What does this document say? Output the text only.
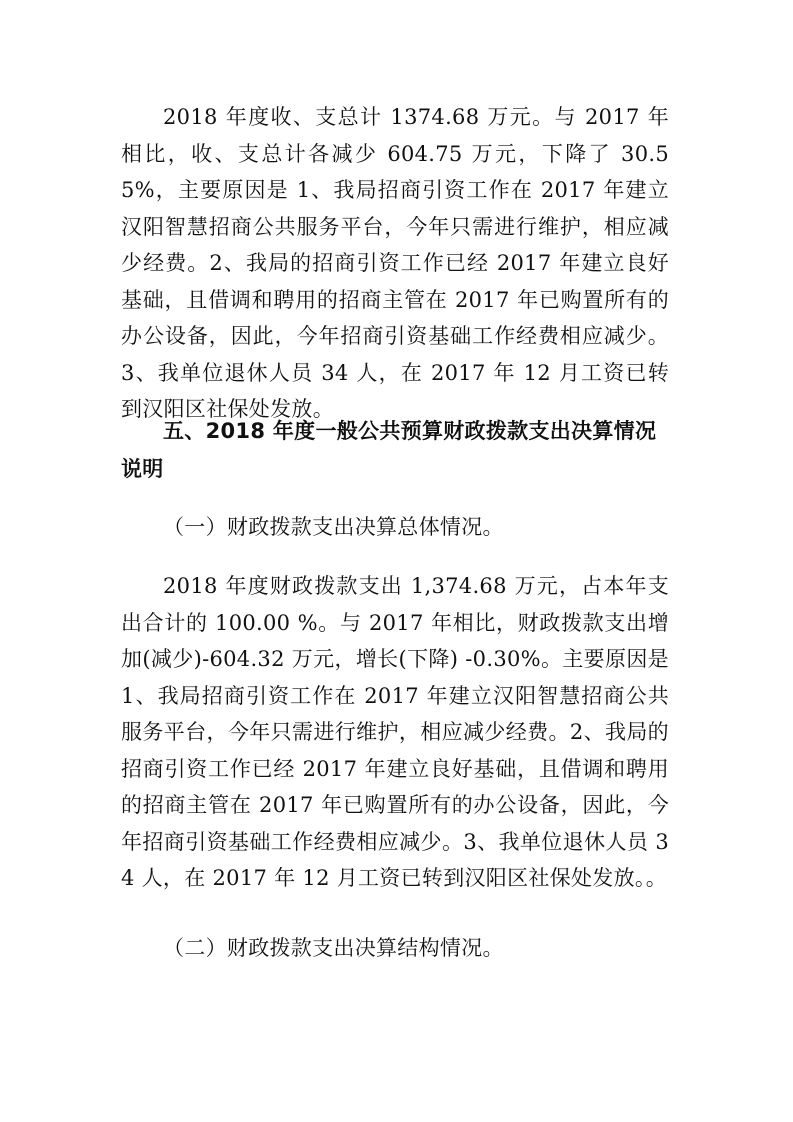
2018 年度收、支总计 1374.68 万元。与 2017 年相比，收、支总计各减少 604.75 万元，下降了 30.55%，主要原因是 1、我局招商引资工作在 2017 年建立汉阳智慧招商公共服务平台，今年只需进行维护，相应减少经费。2、我局的招商引资工作已经 2017 年建立良好基础，且借调和聘用的招商主管在 2017 年已购置所有的办公设备，因此，今年招商引资基础工作经费相应减少。3、我单位退休人员 34 人，在 2017 年 12 月工资已转到汉阳区社保处发放。

五、2018 年度一般公共预算财政拨款支出决算情况说明

（一）财政拨款支出决算总体情况。

2018 年度财政拨款支出 1,374.68 万元，占本年支出合计的 100.00 %。与 2017 年相比，财政拨款支出增加(减少)-604.32 万元，增长(下降) -0.30%。主要原因是 1、我局招商引资工作在 2017 年建立汉阳智慧招商公共服务平台，今年只需进行维护，相应减少经费。2、我局的招商引资工作已经 2017 年建立良好基础，且借调和聘用的招商主管在 2017 年已购置所有的办公设备，因此，今年招商引资基础工作经费相应减少。3、我单位退休人员 34 人，在 2017 年 12 月工资已转到汉阳区社保处发放。。

（二）财政拨款支出决算结构情况。
